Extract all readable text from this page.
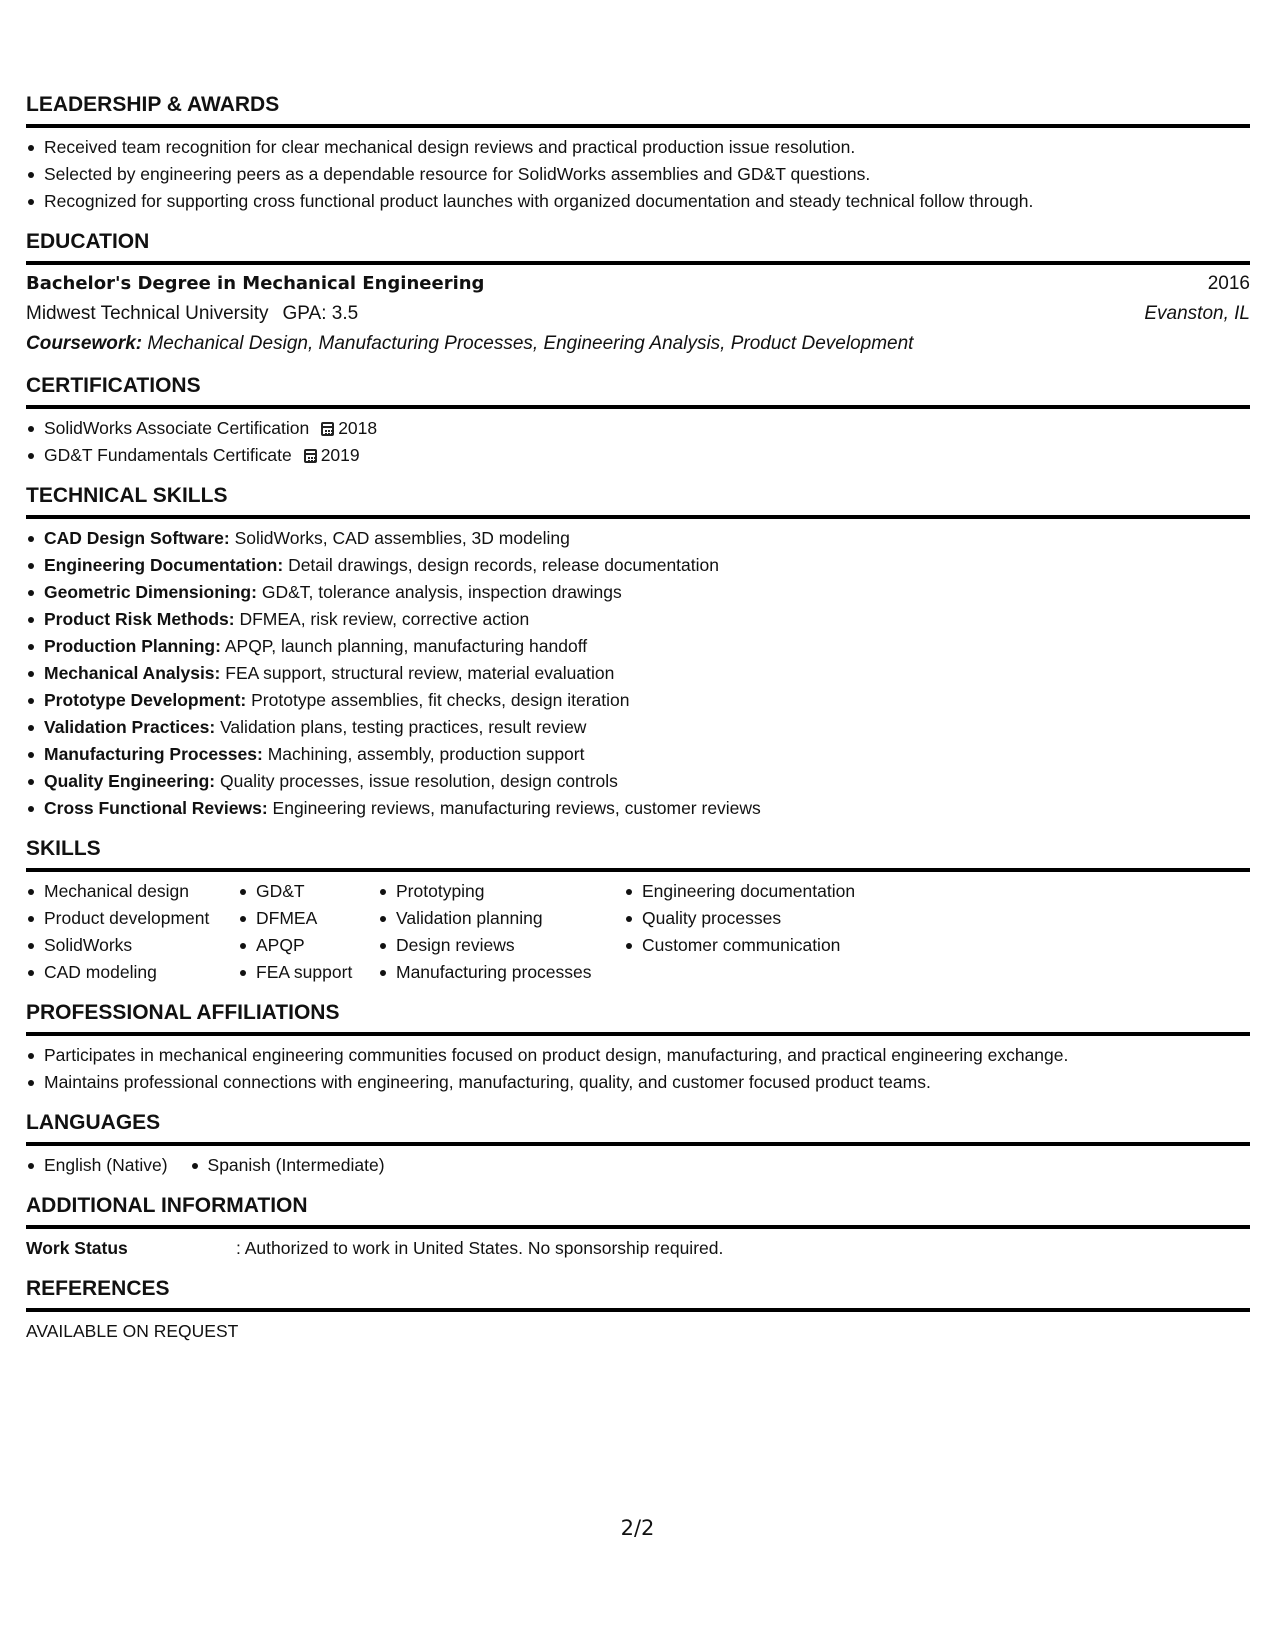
LEADERSHIP & AWARDS
Received team recognition for clear mechanical design reviews and practical production issue resolution.
Selected by engineering peers as a dependable resource for SolidWorks assemblies and GD&T questions.
Recognized for supporting cross functional product launches with organized documentation and steady technical follow through.
EDUCATION
Bachelor's Degree in Mechanical Engineering	2016
Midwest Technical University GPA: 3.5	Evanston, IL
Coursework: Mechanical Design, Manufacturing Processes, Engineering Analysis, Product Development
CERTIFICATIONS
SolidWorks Associate Certification 2018
GD&T Fundamentals Certificate 2019
TECHNICAL SKILLS
CAD Design Software: SolidWorks, CAD assemblies, 3D modeling
Engineering Documentation: Detail drawings, design records, release documentation
Geometric Dimensioning: GD&T, tolerance analysis, inspection drawings
Product Risk Methods: DFMEA, risk review, corrective action
Production Planning: APQP, launch planning, manufacturing handoff
Mechanical Analysis: FEA support, structural review, material evaluation
Prototype Development: Prototype assemblies, fit checks, design iteration
Validation Practices: Validation plans, testing practices, result review
Manufacturing Processes: Machining, assembly, production support
Quality Engineering: Quality processes, issue resolution, design controls
Cross Functional Reviews: Engineering reviews, manufacturing reviews, customer reviews
SKILLS
Mechanical design
Product development
SolidWorks
CAD modeling
GD&T
DFMEA
APQP
FEA support
Prototyping
Validation planning
Design reviews
Manufacturing processes
Engineering documentation
Quality processes
Customer communication
PROFESSIONAL AFFILIATIONS
Participates in mechanical engineering communities focused on product design, manufacturing, and practical engineering exchange.
Maintains professional connections with engineering, manufacturing, quality, and customer focused product teams.
LANGUAGES
English (Native)	Spanish (Intermediate)
ADDITIONAL INFORMATION
Work Status	: Authorized to work in United States. No sponsorship required.
REFERENCES
AVAILABLE ON REQUEST
2/2
